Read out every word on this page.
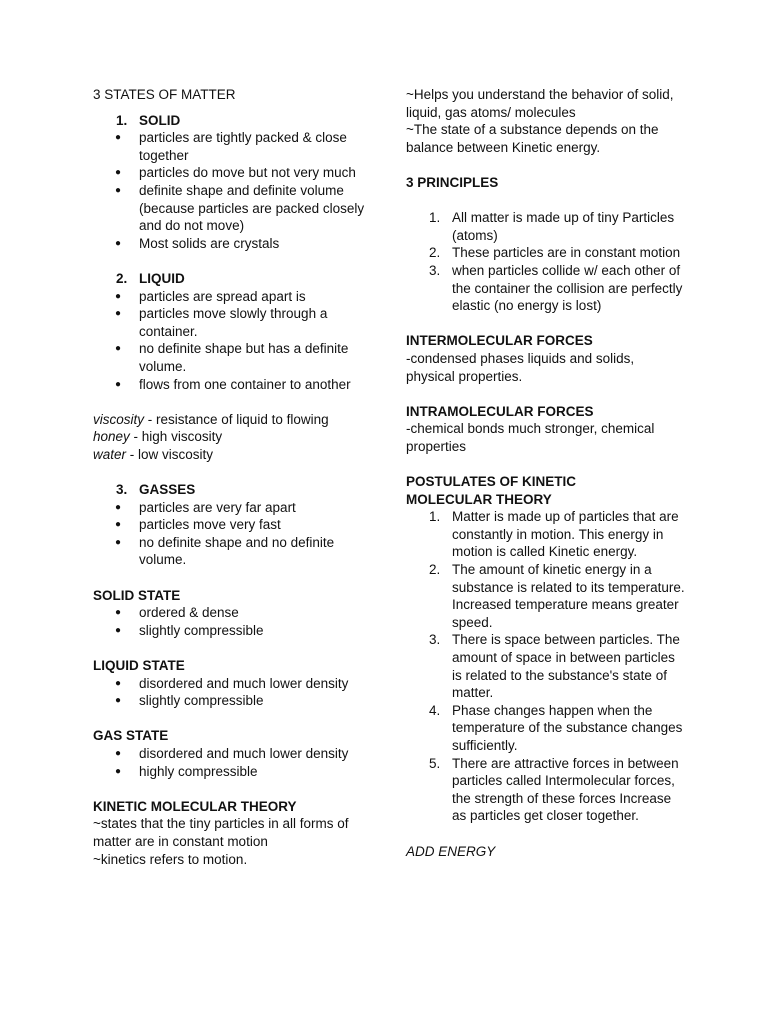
3 STATES OF MATTER

1. SOLID
● particles are tightly packed & close together
● particles do move but not very much
● definite shape and definite volume (because particles are packed closely and do not move)
● Most solids are crystals
2. LIQUID
● particles are spread apart is
● particles move slowly through a container.
● no definite shape but has a definite volume.
● flows from one container to another

viscosity - resistance of liquid to flowing

honey - high viscosity

water - low viscosity

3. GASSES
● particles are very far apart
● particles move very fast
● no definite shape and no definite volume.

SOLID STATE

● ordered & dense
● slightly compressible

LIQUID STATE

● disordered and much lower density
● slightly compressible

GAS STATE

● disordered and much lower density
● highly compressible

KINETIC MOLECULAR THEORY

~states that the tiny particles in all forms of matter are in constant motion

~kinetics refers to motion.

~Helps you understand the behavior of solid, liquid, gas atoms/ molecules

~The state of a substance depends on the balance between Kinetic energy.

3 PRINCIPLES

1. All matter is made up of tiny Particles (atoms)
2. These particles are in constant motion
3. when particles collide w/ each other of the container the collision are perfectly elastic (no energy is lost)

INTERMOLECULAR FORCES

-condensed phases liquids and solids, physical properties.

INTRAMOLECULAR FORCES

-chemical bonds much stronger, chemical properties

POSTULATES OF KINETIC MOLECULAR THEORY

1. Matter is made up of particles that are constantly in motion. This energy in motion is called Kinetic energy.
2. The amount of kinetic energy in a substance is related to its temperature. Increased temperature means greater speed.
3. There is space between particles. The amount of space in between particles is related to the substance's state of matter.
4. Phase changes happen when the temperature of the substance changes sufficiently.
5. There are attractive forces in between particles called Intermolecular forces, the strength of these forces Increase as particles get closer together.

ADD ENERGY
